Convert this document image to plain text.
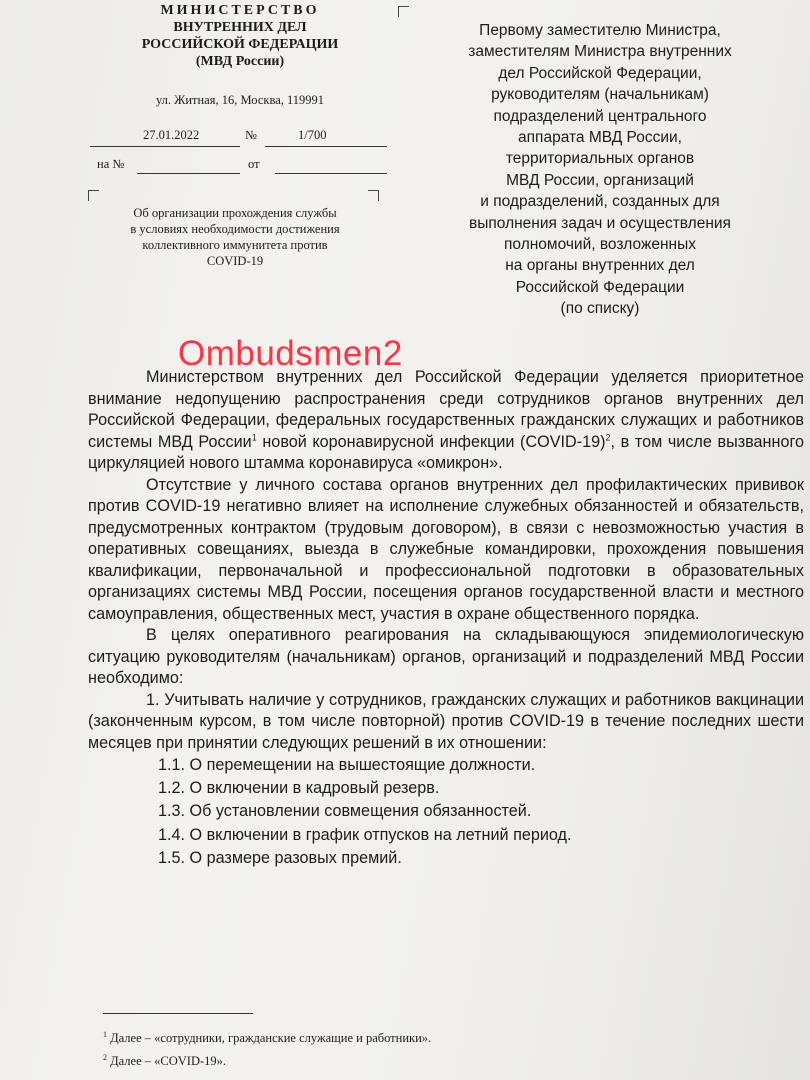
МИНИСТЕРСТВО
ВНУТРЕННИХ ДЕЛ
РОССИЙСКОЙ ФЕДЕРАЦИИ
(МВД России)
ул. Житная, 16, Москва, 119991
27.01.2022	№	1/700
на №	от
Об организации прохождения службы
в условиях необходимости достижения
коллективного иммунитета против
COVID-19
Первому заместителю Министра,
заместителям Министра внутренних
дел Российской Федерации,
руководителям (начальникам)
подразделений центрального
аппарата МВД России,
территориальных органов
МВД России, организаций
и подразделений, созданных для
выполнения задач и осуществления
полномочий, возложенных
на органы внутренних дел
Российской Федерации
(по списку)
Ombudsmen2

Министерством внутренних дел Российской Федерации уделяется приоритетное внимание недопущению распространения среди сотрудников органов внутренних дел Российской Федерации, федеральных государственных гражданских служащих и работников системы МВД России$^1$ новой коронавирусной инфекции (COVID-19)$^2$, в том числе вызванного циркуляцией нового штамма коронавируса «омикрон».

Отсутствие у личного состава органов внутренних дел профилактических прививок против COVID-19 негативно влияет на исполнение служебных обязанностей и обязательств, предусмотренных контрактом (трудовым договором), в связи с невозможностью участия в оперативных совещаниях, выезда в служебные командировки, прохождения повышения квалификации, первоначальной и профессиональной подготовки в образовательных организациях системы МВД России, посещения органов государственной власти и местного самоуправления, общественных мест, участия в охране общественного порядка.

В целях оперативного реагирования на складывающуюся эпидемиологическую ситуацию руководителям (начальникам) органов, организаций и подразделений МВД России необходимо:

1. Учитывать наличие у сотрудников, гражданских служащих и работников вакцинации (законченным курсом, в том числе повторной) против COVID-19 в течение последних шести месяцев при принятии следующих решений в их отношении:

1.1. О перемещении на вышестоящие должности.
1.2. О включении в кадровый резерв.
1.3. Об установлении совмещения обязанностей.
1.4. О включении в график отпусков на летний период.
1.5. О размере разовых премий.
$^1$ Далее – «сотрудники, гражданские служащие и работники».
$^2$ Далее – «COVID-19».
